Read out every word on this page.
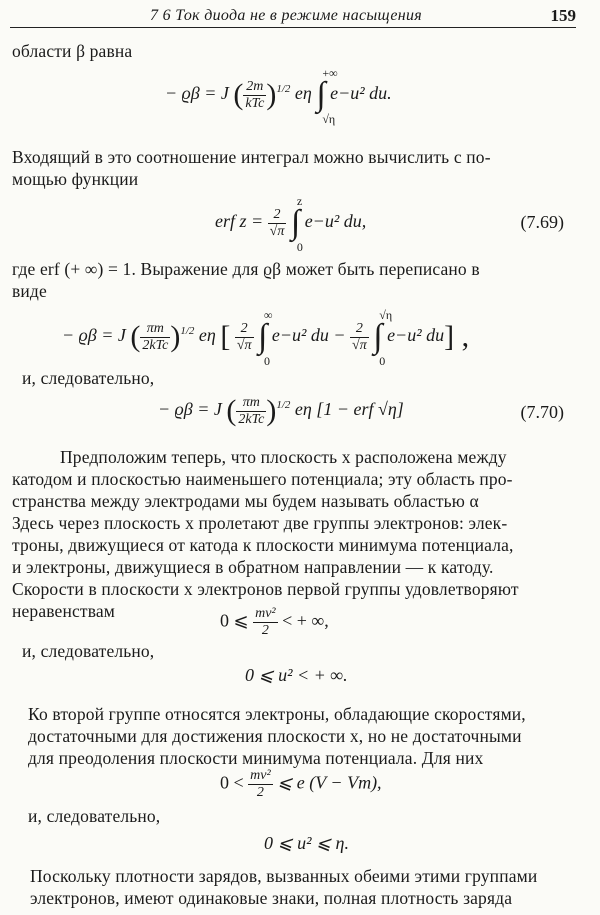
7 6 Ток диода не в режиме насыщения	159
области β равна
− ϱβ = J ( $\frac{2m}{\text{kTc}} )^{1/2}$ eη ∫
+∞
√η
e−u² du.
Входящий в это соотношение интеграл можно вычислить с по-
мощью функции
erf $z = \frac{2}{√\pi}$ ∫
z
0
e−u² du,	(7.69)
где erf (+ ∞) = 1. Выражение для ϱβ может быть переписано в
виде
− ϱβ = J ( $\frac{\pi m}{\text{2kTc}} )^{1/2}$ eη [ $\frac{2}{√\pi}$ ∫
∞
0
e−u² du − $\frac{2}{√\pi}$ ∫
√η
0
e−u² du] ,
и, следовательно,
− ϱβ = J ( $\frac{\pi m}{\text{2kTc}} )^{1/2}$ eη [1 − erf √η]	(7.70)
Предположим теперь, что плоскость x расположена между
катодом и плоскостью наименьшего потенциала; эту область про-
странства между электродами мы будем называть областью α
Здесь через плоскость x пролетают две группы электронов: элек-
троны, движущиеся от катода к плоскости минимума потенциала,
и электроны, движущиеся в обратном направлении — к катоду.
Скорости в плоскости x электронов первой группы удовлетворяют
неравенствам	0 ⩽ $\frac{\text{mv²}}{2}$ < + ∞,
и, следовательно,
0 ⩽ u² < + ∞.
Ко второй группе относятся электроны, обладающие скоростями,
достаточными для достижения плоскости x, но не достаточными
для преодоления плоскости минимума потенциала. Для них
$0 < \frac{\text{mv²}}{2}$ ⩽ e (V − Vm),
и, следовательно,
0 ⩽ u² ⩽ η.
Поскольку плотности зарядов, вызванных обеими этими группами
электронов, имеют одинаковые знаки, полная плотность заряда
